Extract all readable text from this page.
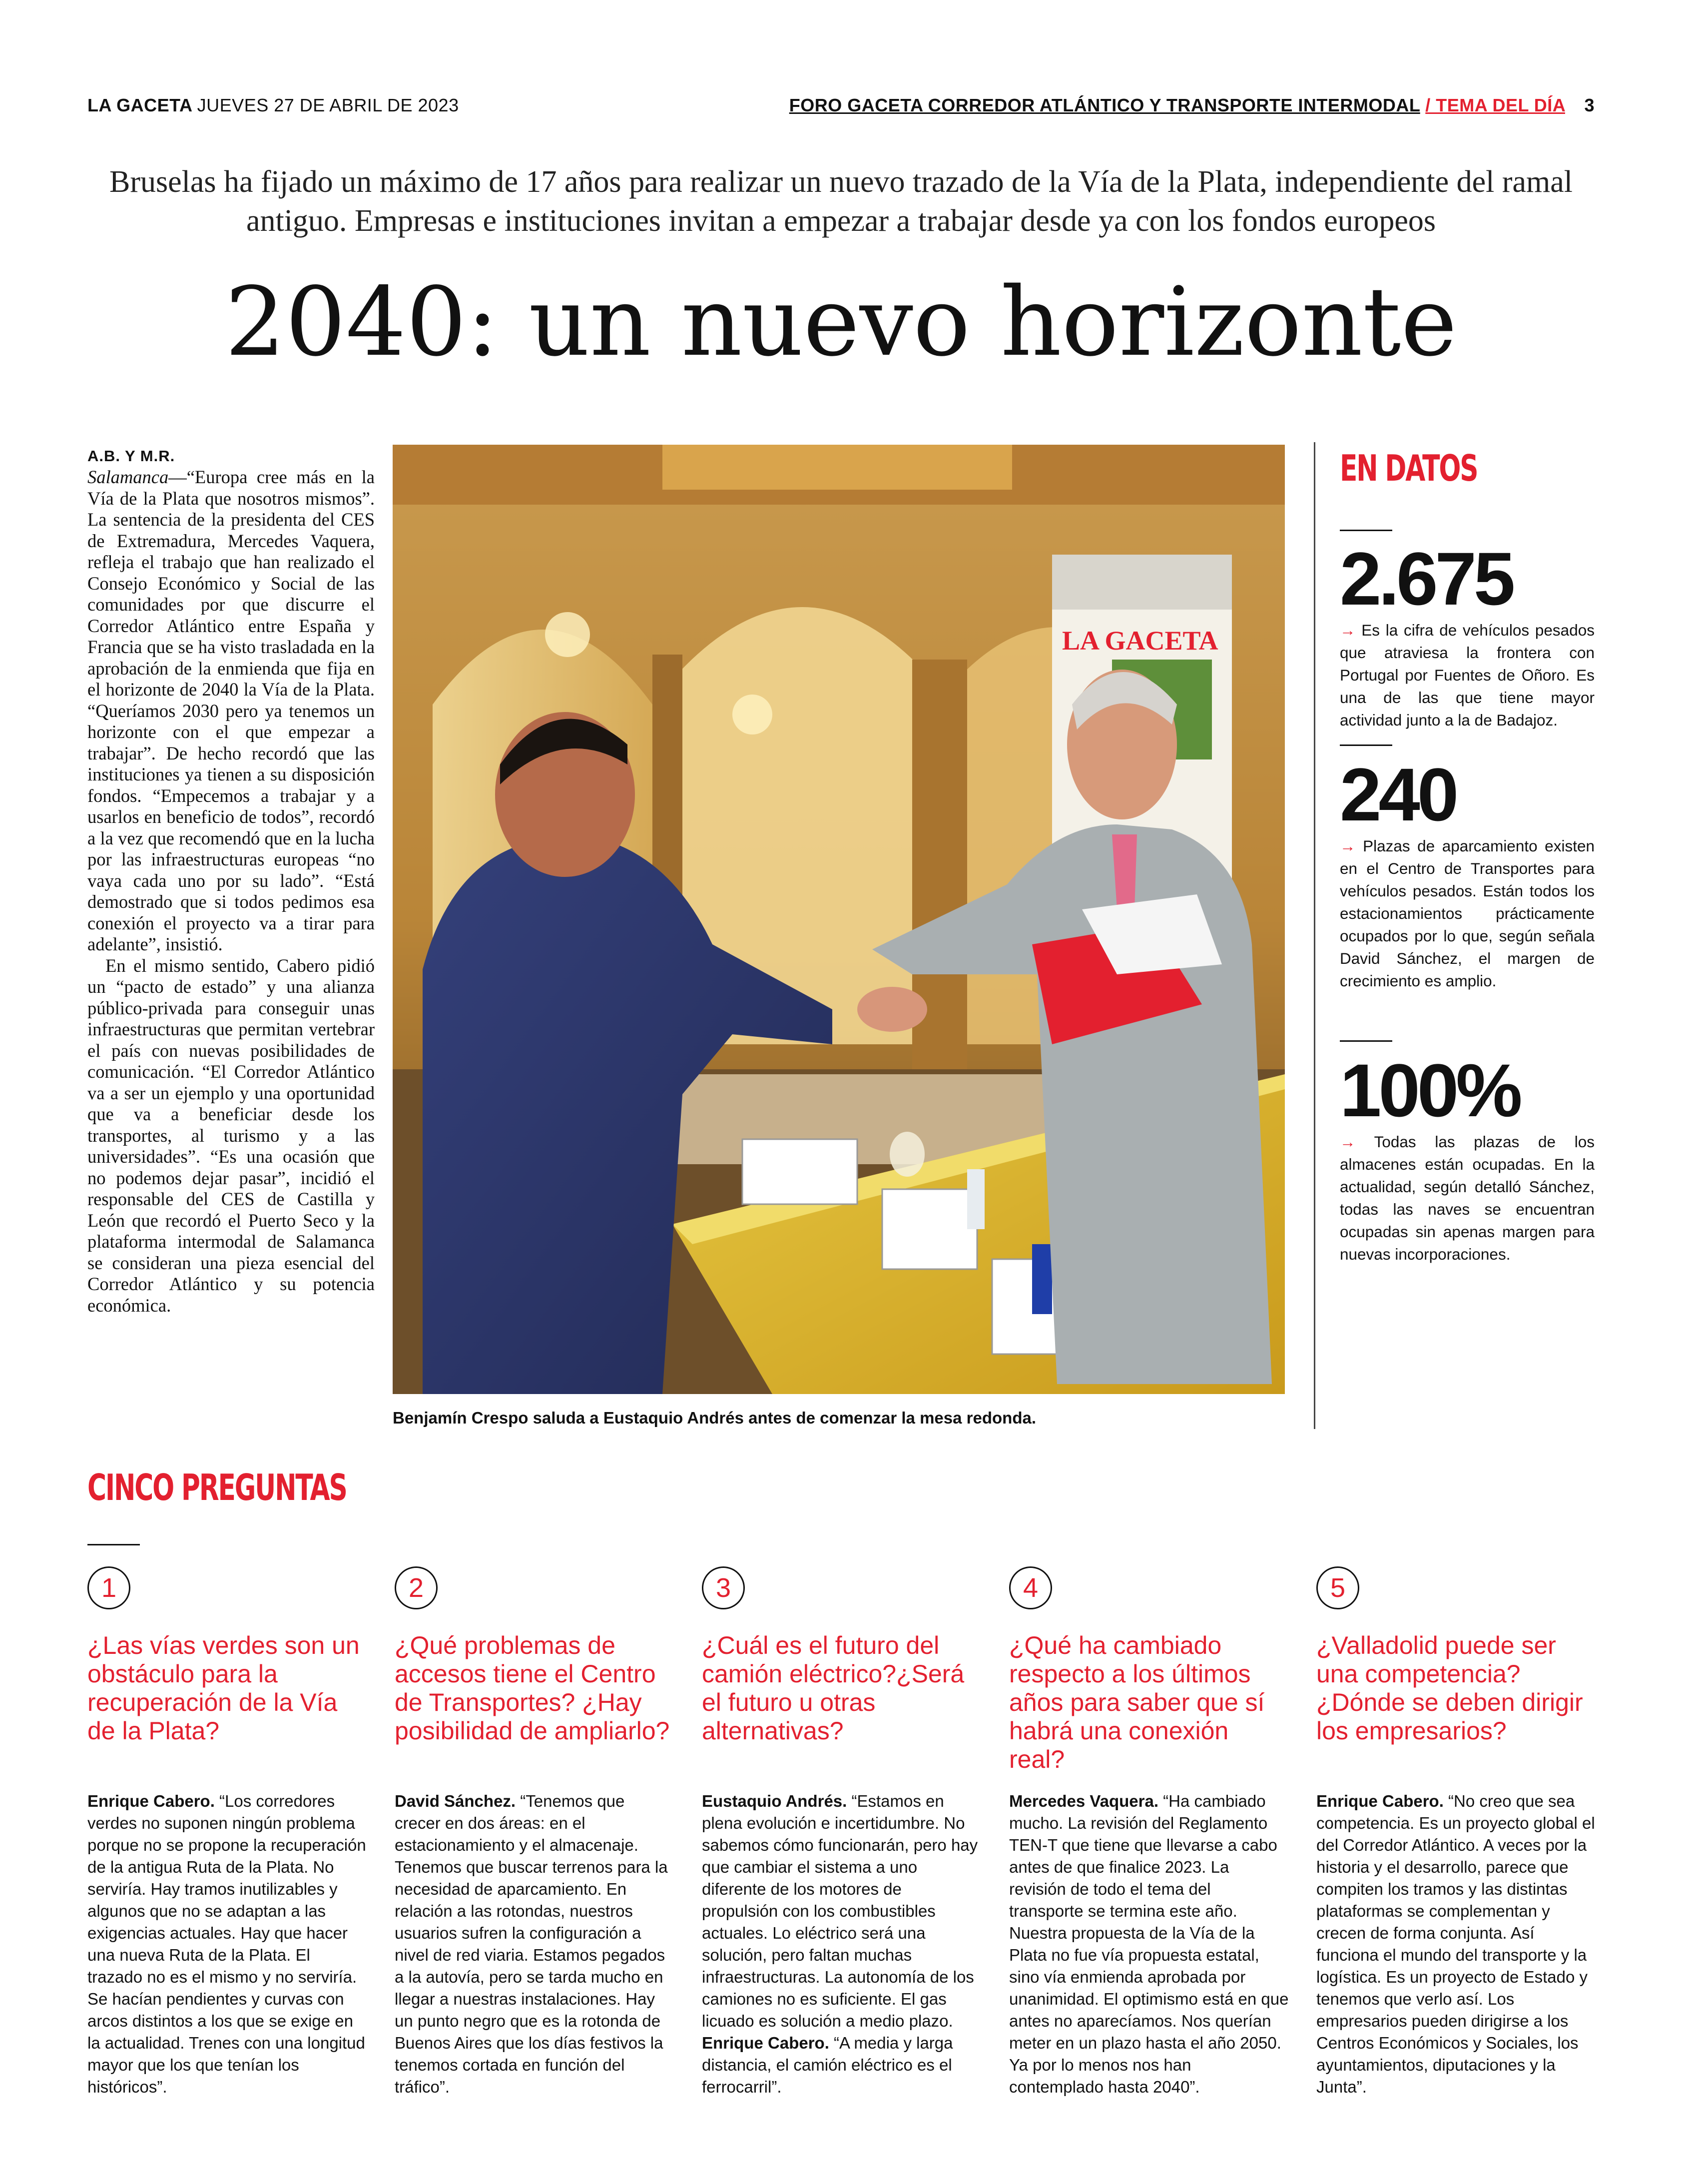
LA GACETA JUEVES 27 DE ABRIL DE 2023	FORO GACETA CORREDOR ATLÁNTICO Y TRANSPORTE INTERMODAL / TEMA DEL DÍA 3
Bruselas ha fijado un máximo de 17 años para realizar un nuevo trazado de la Vía de la Plata, independiente del ramal antiguo. Empresas e instituciones invitan a empezar a trabajar desde ya con los fondos europeos
2040: un nuevo horizonte
A.B. Y M.R.

Salamanca—“Europa cree más en la Vía de la Plata que nosotros mismos”. La sentencia de la presidenta del CES de Extremadura, Mercedes Vaquera, refleja el trabajo que han realizado el Consejo Económico y Social de las comunidades por que discurre el Corredor Atlántico entre España y Francia que se ha visto trasladada en la aprobación de la enmienda que fija en el horizonte de 2040 la Vía de la Plata. “Queríamos 2030 pero ya tenemos un horizonte con el que empezar a trabajar”. De hecho recordó que las instituciones ya tienen a su disposición fondos. “Empecemos a trabajar y a usarlos en beneficio de todos”, recordó a la vez que recomendó que en la lucha por las infraestructuras europeas “no vaya cada uno por su lado”. “Está demostrado que si todos pedimos esa conexión el proyecto va a tirar para adelante”, insistió.

En el mismo sentido, Cabero pidió un “pacto de estado” y una alianza público-privada para conseguir unas infraestructuras que permitan vertebrar el país con nuevas posibilidades de comunicación. “El Corredor Atlántico va a ser un ejemplo y una oportunidad que va a beneficiar desde los transportes, al turismo y a las universidades”. “Es una ocasión que no podemos dejar pasar”, incidió el responsable del CES de Castilla y León que recordó el Puerto Seco y la plataforma intermodal de Salamanca se consideran una pieza esencial del Corredor Atlántico y su potencia económica.

LA GACETA
Benjamín Crespo saluda a Eustaquio Andrés antes de comenzar la mesa redonda.
EN DATOS
2.675
→ Es la cifra de vehículos pesados que atraviesa la frontera con Portugal por Fuentes de Oñoro. Es una de las que tiene mayor actividad junto a la de Badajoz.
240
→ Plazas de aparcamiento existen en el Centro de Transportes para vehículos pesados. Están todos los estacionamientos prácticamente ocupados por lo que, según señala David Sánchez, el margen de crecimiento es amplio.
100%
→ Todas las plazas de los almacenes están ocupadas. En la actualidad, según detalló Sánchez, todas las naves se encuentran ocupadas sin apenas margen para nuevas incorporaciones.
CINCO PREGUNTAS
1
¿Las vías verdes son un obstáculo para la recuperación de la Vía de la Plata?
Enrique Cabero. “Los corredores verdes no suponen ningún problema porque no se propone la recuperación de la antigua Ruta de la Plata. No serviría. Hay tramos inutilizables y algunos que no se adaptan a las exigencias actuales. Hay que hacer una nueva Ruta de la Plata. El trazado no es el mismo y no serviría. Se hacían pendientes y curvas con arcos distintos a los que se exige en la actualidad. Trenes con una longitud mayor que los que tenían los históricos”.
2
¿Qué problemas de accesos tiene el Centro de Transportes? ¿Hay posibilidad de ampliarlo?
David Sánchez. “Tenemos que crecer en dos áreas: en el estacionamiento y el almacenaje. Tenemos que buscar terrenos para la necesidad de aparcamiento. En relación a las rotondas, nuestros usuarios sufren la configuración a nivel de red viaria. Estamos pegados a la autovía, pero se tarda mucho en llegar a nuestras instalaciones. Hay un punto negro que es la rotonda de Buenos Aires que los días festivos la tenemos cortada en función del tráfico”.
3
¿Cuál es el futuro del camión eléctrico?¿Será el futuro u otras alternativas?
Eustaquio Andrés. “Estamos en plena evolución e incertidumbre. No sabemos cómo funcionarán, pero hay que cambiar el sistema a uno diferente de los motores de propulsión con los combustibles actuales. Lo eléctrico será una solución, pero faltan muchas infraestructuras. La autonomía de los camiones no es suficiente. El gas licuado es solución a medio plazo. Enrique Cabero. “A media y larga distancia, el camión eléctrico es el ferrocarril”.
4
¿Qué ha cambiado respecto a los últimos años para saber que sí habrá una conexión real?
Mercedes Vaquera. “Ha cambiado mucho. La revisión del Reglamento TEN-T que tiene que llevarse a cabo antes de que finalice 2023. La revisión de todo el tema del transporte se termina este año. Nuestra propuesta de la Vía de la Plata no fue vía propuesta estatal, sino vía enmienda aprobada por unanimidad. El optimismo está en que antes no aparecíamos. Nos querían meter en un plazo hasta el año 2050. Ya por lo menos nos han contemplado hasta 2040”.
5
¿Valladolid puede ser una competencia? ¿Dónde se deben dirigir los empresarios?
Enrique Cabero. “No creo que sea competencia. Es un proyecto global el del Corredor Atlántico. A veces por la historia y el desarrollo, parece que compiten los tramos y las distintas plataformas se complementan y crecen de forma conjunta. Así funciona el mundo del transporte y la logística. Es un proyecto de Estado y tenemos que verlo así. Los empresarios pueden dirigirse a los Centros Económicos y Sociales, los ayuntamientos, diputaciones y la Junta”.
